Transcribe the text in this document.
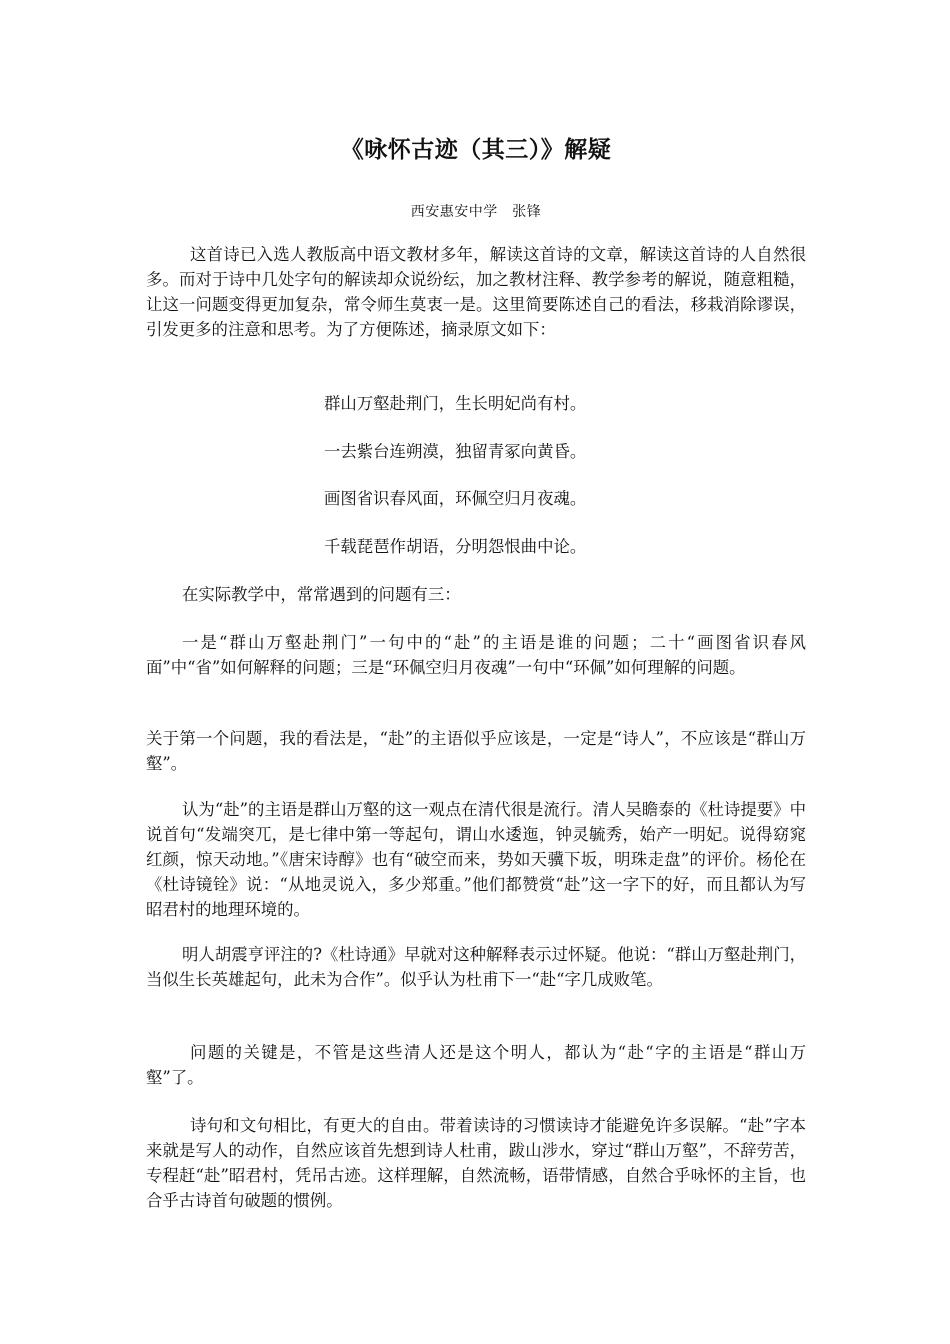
《咏怀古迹（其三）》解疑
西安惠安中学　张锋

这首诗已入选人教版高中语文教材多年，解读这首诗的文章，解读这首诗的人自然很多。而对于诗中几处字句的解读却众说纷纭，加之教材注释、教学参考的解说，随意粗糙，让这一问题变得更加复杂，常令师生莫衷一是。这里简要陈述自己的看法，移栽消除谬误，引发更多的注意和思考。为了方便陈述，摘录原文如下：

群山万壑赴荆门，生长明妃尚有村。
一去紫台连朔漠，独留青冢向黄昏。
画图省识春风面，环佩空归月夜魂。
千载琵琶作胡语，分明怨恨曲中论。

在实际教学中，常常遇到的问题有三：

一是“群山万壑赴荆门”一句中的“赴”的主语是谁的问题；二十“画图省识春风面”中“省”如何解释的问题；三是“环佩空归月夜魂”一句中“环佩”如何理解的问题。

关于第一个问题，我的看法是，“赴”的主语似乎应该是，一定是“诗人”，不应该是“群山万壑”。

认为“赴”的主语是群山万壑的这一观点在清代很是流行。清人吴瞻泰的《杜诗提要》中说首句“发端突兀，是七律中第一等起句，谓山水逶迤，钟灵毓秀，始产一明妃。说得窈窕红颜，惊天动地。”《唐宋诗醇》也有“破空而来，势如天骥下坂，明珠走盘”的评价。杨伦在《杜诗镜铨》说：“从地灵说入，多少郑重。”他们都赞赏“赴”这一字下的好，而且都认为写昭君村的地理环境的。

明人胡震亨评注的?《杜诗通》早就对这种解释表示过怀疑。他说：“群山万壑赴荆门，当似生长英雄起句，此未为合作”。似乎认为杜甫下一“赴“字几成败笔。

问题的关键是，不管是这些清人还是这个明人，都认为“赴“字的主语是“群山万壑”了。

诗句和文句相比，有更大的自由。带着读诗的习惯读诗才能避免许多误解。“赴”字本来就是写人的动作，自然应该首先想到诗人杜甫，跋山涉水，穿过“群山万壑”，不辞劳苦，专程赶“赴”昭君村，凭吊古迹。这样理解，自然流畅，语带情感，自然合乎咏怀的主旨，也合乎古诗首句破题的惯例。
